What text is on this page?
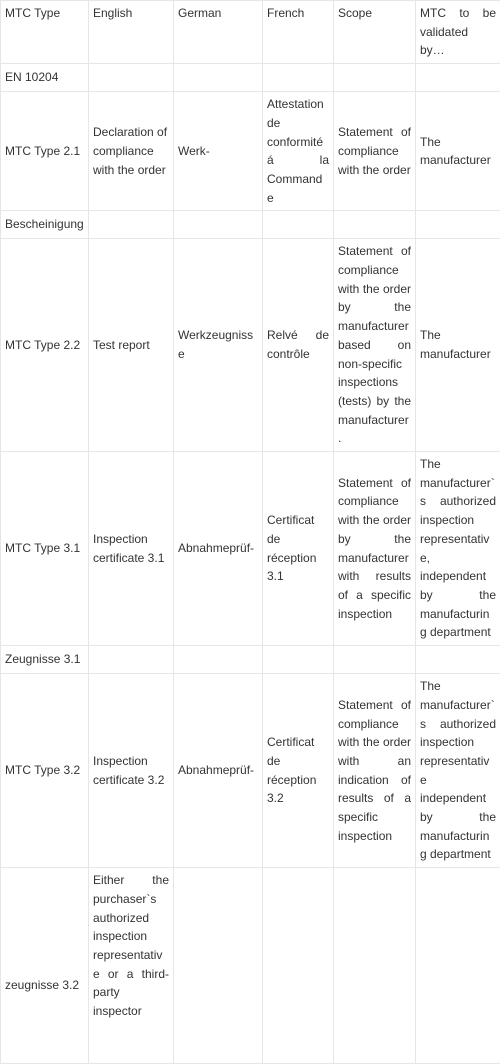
MTC Type	English	German	French	Scope	MTC to be validated by…
EN 10204					
MTC Type 2.1	Declaration of compliance with the order	Werk-	Attestation de conformité á la Commande	Statement of compliance with the order	The manufacturer
Bescheinigung					
MTC Type 2.2	Test report	Werkzeugnisse	Relvé de contrôle	Statement of compliance with the order by the manufacturer based on non-specific inspections (tests) by the manufacturer.	The manufacturer
MTC Type 3.1	Inspection certificate 3.1	Abnahmeprüf-	Certificat de réception 3.1	Statement of compliance with the order by the manufacturer with results of a specific inspection	The manufacturer`s authorized inspection representative, independent by the manufacturing department
Zeugnisse 3.1					
MTC Type 3.2	Inspection certificate 3.2	Abnahmeprüf-	Certificat de réception 3.2	Statement of compliance with the order with an indication of results of a specific inspection	The manufacturer`s authorized inspection representative independent by the manufacturing department
zeugnisse 3.2	Either the purchaser`s authorized inspection representative or a third-party inspector				
